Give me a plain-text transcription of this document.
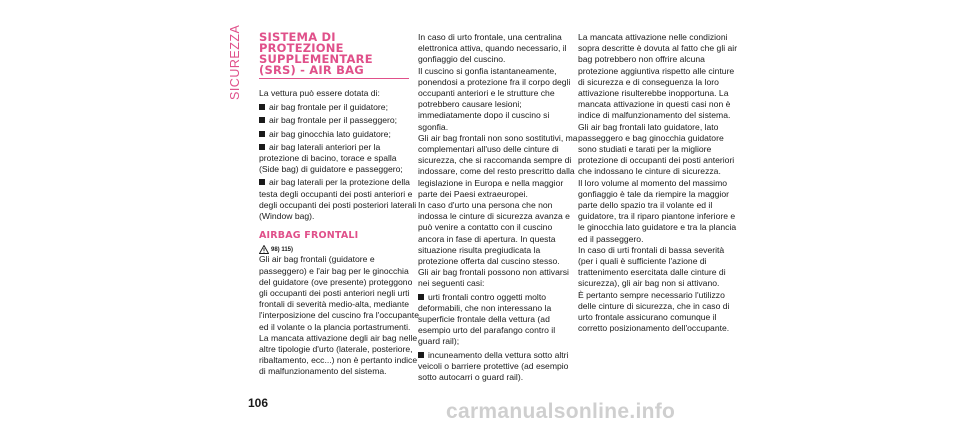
SICUREZZA	SISTEMA DI
PROTEZIONE
SUPPLEMENTARE
(SRS) - AIR BAG

La vettura può essere dotata di:

air bag frontale per il guidatore;

air bag frontale per il passeggero;

air bag ginocchia lato guidatore;

air bag laterali anteriori per la protezione di bacino, torace e spalla (Side bag) di guidatore e passeggero;

air bag laterali per la protezione della testa degli occupanti dei posti anteriori e degli occupanti dei posti posteriori laterali (Window bag).

AIRBAG FRONTALI
98) 115)

Gli air bag frontali (guidatore e passeggero) e l'air bag per le ginocchia del guidatore (ove presente) proteggono gli occupanti dei posti anteriori negli urti frontali di severità medio-alta, mediante l'interposizione del cuscino fra l'occupante ed il volante o la plancia portastrumenti.

La mancata attivazione degli air bag nelle altre tipologie d'urto (laterale, posteriore, ribaltamento, ecc...) non è pertanto indice di malfunzionamento del sistema.

In caso di urto frontale, una centralina elettronica attiva, quando necessario, il gonfiaggio del cuscino.

Il cuscino si gonfia istantaneamente, ponendosi a protezione fra il corpo degli occupanti anteriori e le strutture che potrebbero causare lesioni; immediatamente dopo il cuscino si sgonfia.

Gli air bag frontali non sono sostitutivi, ma complementari all'uso delle cinture di sicurezza, che si raccomanda sempre di indossare, come del resto prescritto dalla legislazione in Europa e nella maggior parte dei Paesi extraeuropei.

In caso d'urto una persona che non indossa le cinture di sicurezza avanza e può venire a contatto con il cuscino ancora in fase di apertura. In questa situazione risulta pregiudicata la protezione offerta dal cuscino stesso.

Gli air bag frontali possono non attivarsi nei seguenti casi:

urti frontali contro oggetti molto deformabili, che non interessano la superficie frontale della vettura (ad esempio urto del parafango contro il guard rail);

incuneamento della vettura sotto altri veicoli o barriere protettive (ad esempio sotto autocarri o guard rail).

La mancata attivazione nelle condizioni sopra descritte è dovuta al fatto che gli air bag potrebbero non offrire alcuna protezione aggiuntiva rispetto alle cinture di sicurezza e di conseguenza la loro attivazione risulterebbe inopportuna. La mancata attivazione in questi casi non è indice di malfunzionamento del sistema.

Gli air bag frontali lato guidatore, lato passeggero e bag ginocchia guidatore sono studiati e tarati per la migliore protezione di occupanti dei posti anteriori che indossano le cinture di sicurezza.

Il loro volume al momento del massimo gonfiaggio è tale da riempire la maggior parte dello spazio tra il volante ed il guidatore, tra il riparo piantone inferiore e le ginocchia lato guidatore e tra la plancia ed il passeggero.

In caso di urti frontali di bassa severità (per i quali è sufficiente l'azione di trattenimento esercitata dalle cinture di sicurezza), gli air bag non si attivano.

È pertanto sempre necessario l'utilizzo delle cinture di sicurezza, che in caso di urto frontale assicurano comunque il corretto posizionamento dell'occupante.

106	carmanualsonline.info
